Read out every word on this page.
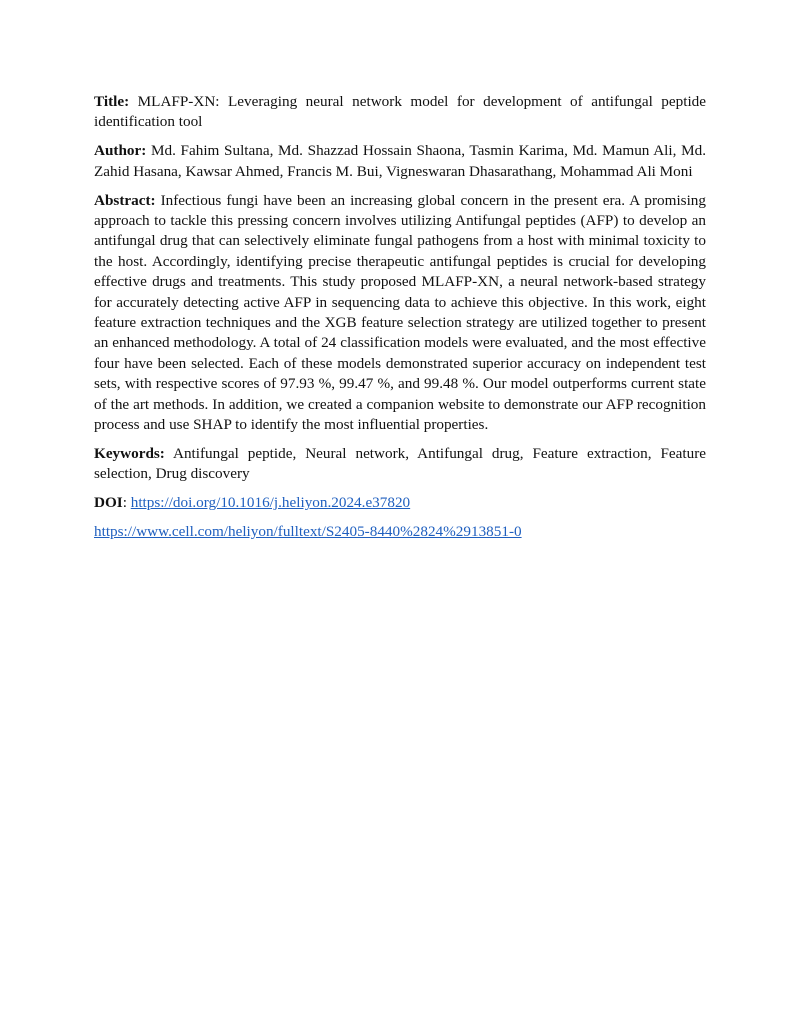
Title: MLAFP-XN: Leveraging neural network model for development of antifungal peptide identification tool

Author: Md. Fahim Sultana, Md. Shazzad Hossain Shaona, Tasmin Karima, Md. Mamun Ali, Md. Zahid Hasana, Kawsar Ahmed, Francis M. Bui, Vigneswaran Dhasarathang, Mohammad Ali Moni

Abstract: Infectious fungi have been an increasing global concern in the present era. A promising approach to tackle this pressing concern involves utilizing Antifungal peptides (AFP) to develop an antifungal drug that can selectively eliminate fungal pathogens from a host with minimal toxicity to the host. Accordingly, identifying precise therapeutic antifungal peptides is crucial for developing effective drugs and treatments. This study proposed MLAFP-XN, a neural network-based strategy for accurately detecting active AFP in sequencing data to achieve this objective. In this work, eight feature extraction techniques and the XGB feature selection strategy are utilized together to present an enhanced methodology. A total of 24 classification models were evaluated, and the most effective four have been selected. Each of these models demonstrated superior accuracy on independent test sets, with respective scores of 97.93 %, 99.47 %, and 99.48 %. Our model outperforms current state of the art methods. In addition, we created a companion website to demonstrate our AFP recognition process and use SHAP to identify the most influential properties.

Keywords: Antifungal peptide, Neural network, Antifungal drug, Feature extraction, Feature selection, Drug discovery

DOI: https://doi.org/10.1016/j.heliyon.2024.e37820

https://www.cell.com/heliyon/fulltext/S2405-8440%2824%2913851-0
